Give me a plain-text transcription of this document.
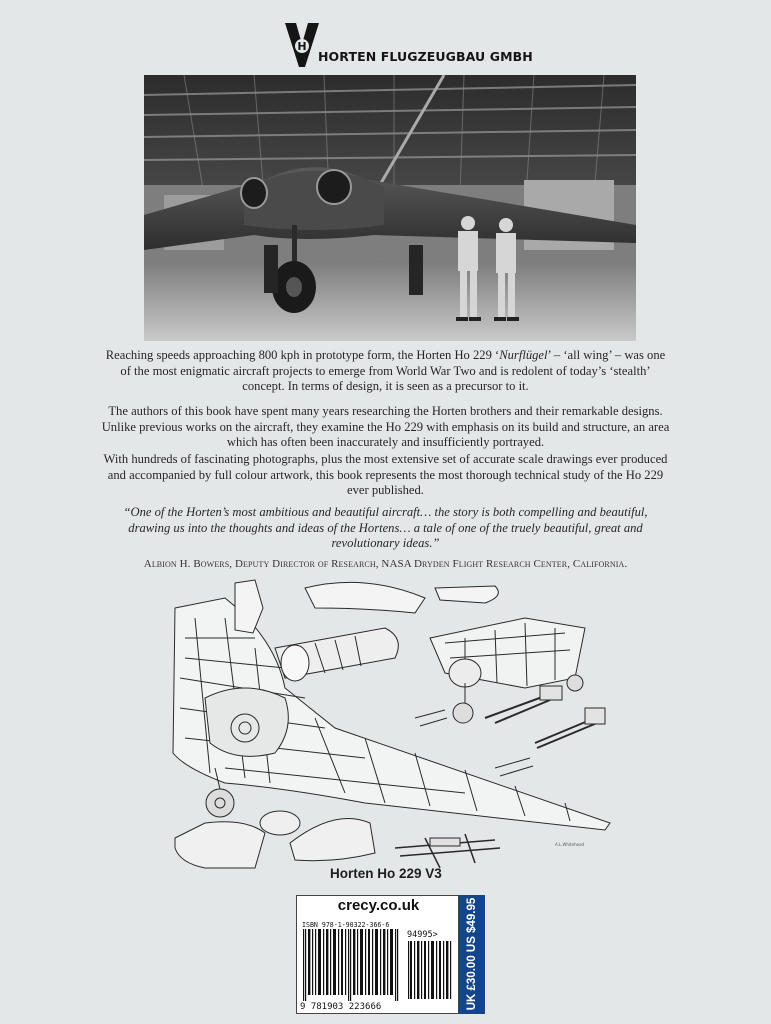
H
HORTEN FLUGZEUGBAU GMBH

Reaching speeds approaching 800 kph in prototype form, the Horten Ho 229 ‘Nurflügel’ – ‘all wing’ – was one of the most enigmatic aircraft projects to emerge from World War Two and is redolent of today’s ‘stealth’ concept. In terms of design, it is seen as a precursor to it.

The authors of this book have spent many years researching the Horten brothers and their remarkable designs. Unlike previous works on the aircraft, they examine the Ho 229 with emphasis on its build and structure, an area which has often been inaccurately and insufficiently portrayed.

With hundreds of fascinating photographs, plus the most extensive set of accurate scale drawings ever produced and accompanied by full colour artwork, this book represents the most thorough technical study of the Ho 229 ever published.

“One of the Horten’s most ambitious and beautiful aircraft… the story is both compelling and beautiful, drawing us into the thoughts and ideas of the Hortens… a tale of one of the truely beautiful, great and revolutionary ideas.”

Albion H. Bowers, Deputy Director of Research, NASA Dryden Flight Research Center, California.
A.L.Whitehead
Horten Ho 229 V3
crecy.co.uk
ISBN 978-1-90322-366-6
94995>
9 781903 223666	UK £30.00 US $49.95
